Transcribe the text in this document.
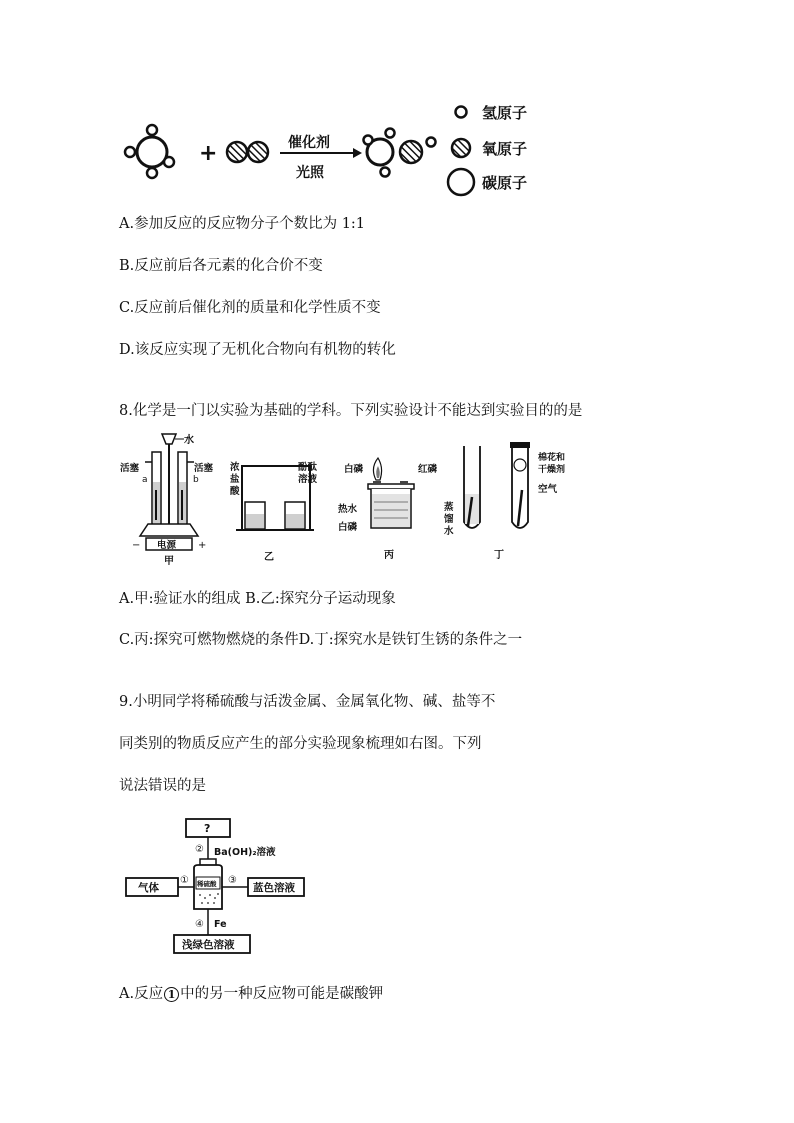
+	催化剂
光照
氢原子
氧原子
碳原子
A.参加反应的反应物分子个数比为 1:1
B.反应前后各元素的化合价不变
C.反应前后催化剂的质量和化学性质不变
D.该反应实现了无机化合物向有机物的转化
8.化学是一门以实验为基础的学科。下列实验设计不能达到实验目的的是
水
活塞	活塞
a	b
电源
−	+
甲
浓
盐
酸
酚酞
溶液
乙
白磷	红磷
热水
白磷
丙
棉花和
干燥剂
空气
蒸
馏
水
丁
A.甲:验证水的组成 B.乙:探究分子运动现象
C.丙:探究可燃物燃烧的条件D.丁:探究水是铁钉生锈的条件之一
9.小明同学将稀硫酸与活泼金属、金属氧化物、碱、盐等不
同类别的物质反应产生的部分实验现象梳理如右图。下列
说法错误的是
?
② Ba(OH)₂溶液
稀硫酸
①
气体
③
蓝色溶液
④ Fe
浅绿色溶液
A.反应 1 中的另一种反应物可能是碳酸钾
